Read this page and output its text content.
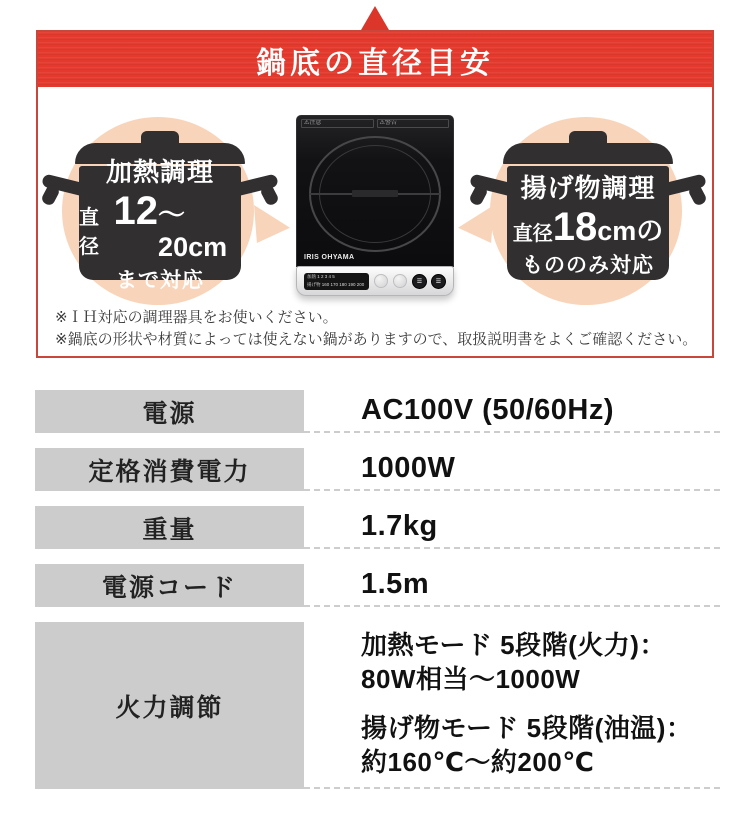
鍋底の直径目安
加熱調理
直径
12 ～20cm
まで対応
揚げ物調理
直径 18 cmの
もののみ対応
⚠注意	⚠警告
IRIS OHYAMA
加熱 1 2 3 4 5
揚げ物 160 170 180 190 200	☰	☰
※ＩＨ対応の調理器具をお使いください。
※鍋底の形状や材質によっては使えない鍋がありますので、取扱説明書をよくご確認ください。
電源	AC100V (50/60Hz)
定格消費電力	1000W
重量	1.7kg
電源コード	1.5m
火力調節
加熱モード 5段階(火力)：
80W相当～1000W
揚げ物モード 5段階(油温)：
約160℃～約200℃
